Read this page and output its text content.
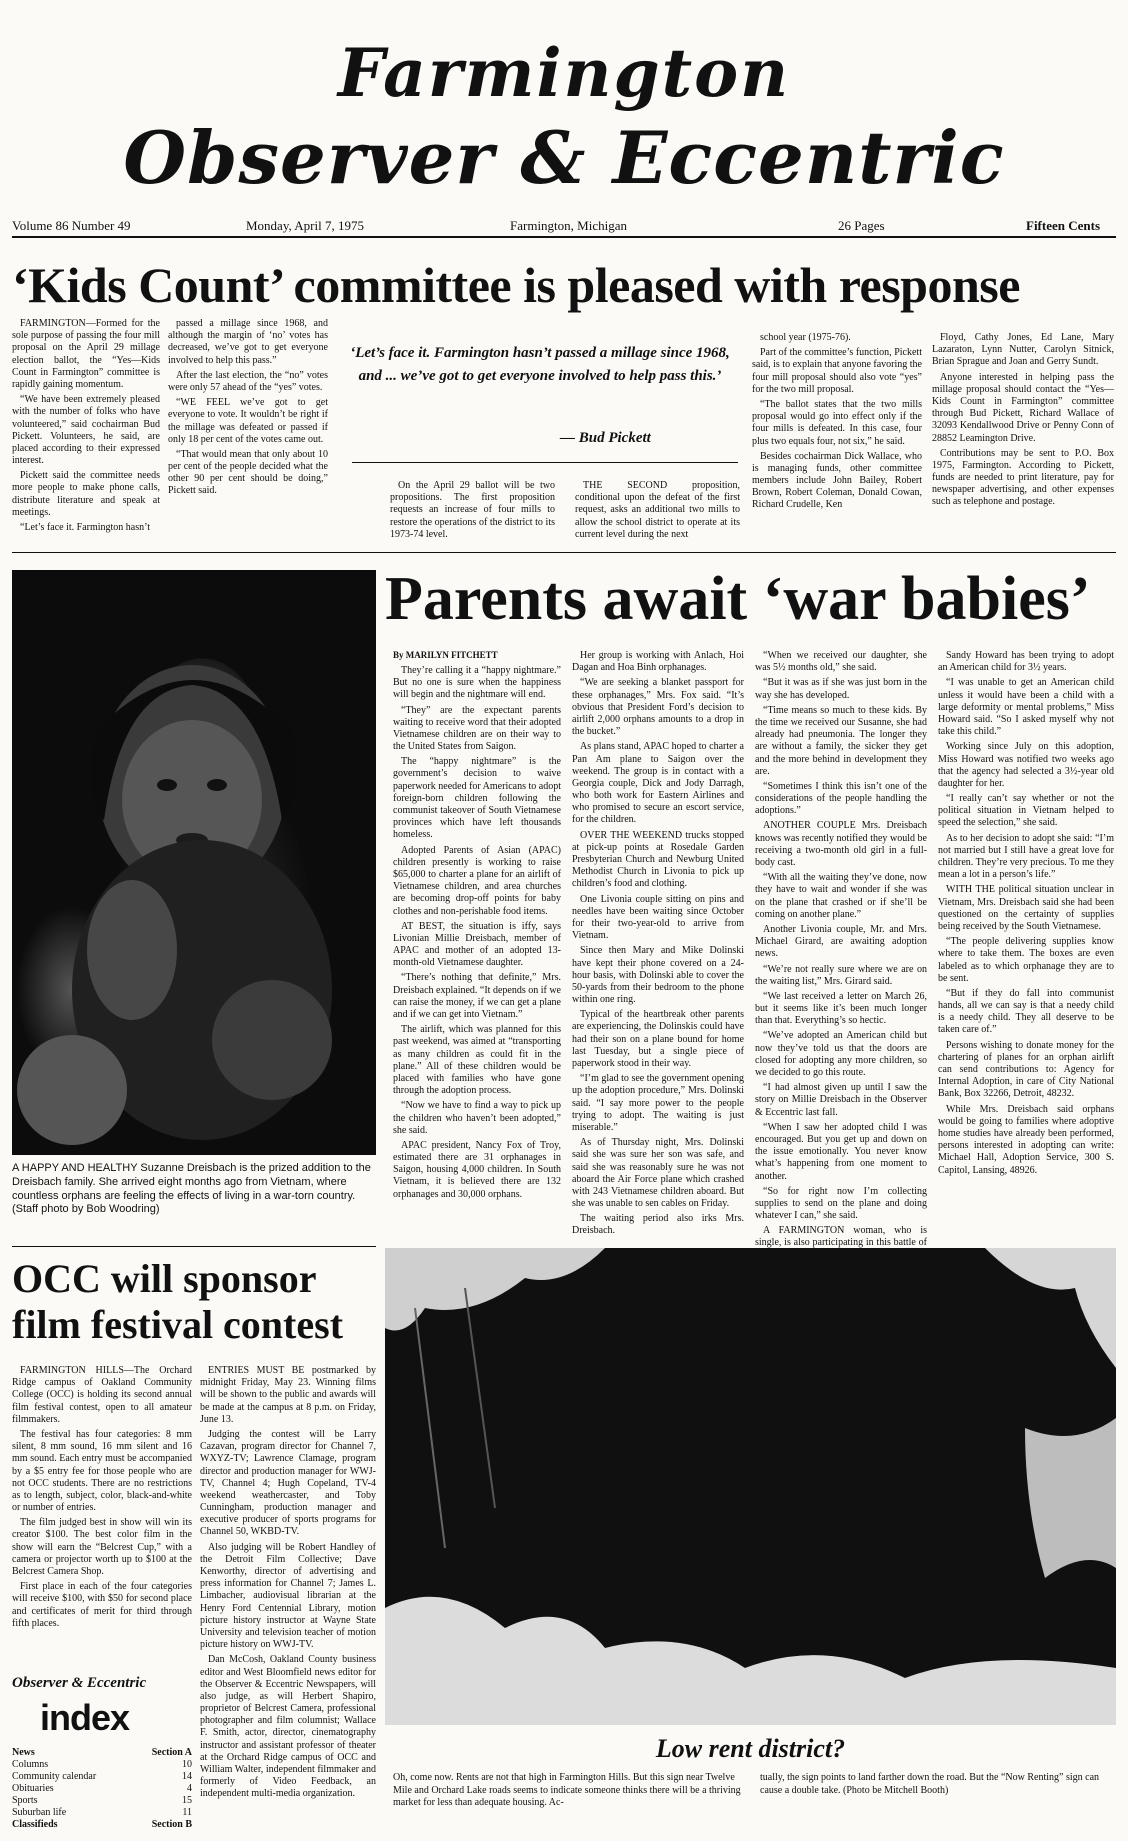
Farmington
Observer & Eccentric
Volume 86 Number 49	Monday, April 7, 1975	Farmington, Michigan	26 Pages	Fifteen Cents
‘Kids Count’ committee is pleased with response

FARMINGTON—Formed for the sole purpose of passing the four mill proposal on the April 29 millage election ballot, the “Yes—Kids Count in Farmington” committee is rapidly gaining momentum.

“We have been extremely pleased with the number of folks who have volunteered,” said cochairman Bud Pickett. Volunteers, he said, are placed according to their expressed interest.

Pickett said the committee needs more people to make phone calls, distribute literature and speak at meetings.

“Let’s face it. Farmington hasn’t

passed a millage since 1968, and although the margin of ‘no’ votes has decreased, we’ve got to get everyone involved to help this pass.”

After the last election, the “no” votes were only 57 ahead of the “yes” votes.

“WE FEEL we’ve got to get everyone to vote. It wouldn’t be right if the millage was defeated or passed if only 18 per cent of the votes came out.

“That would mean that only about 10 per cent of the people decided what the other 90 per cent should be doing,” Pickett said.

‘Let’s face it. Farmington hasn’t passed a millage since 1968, and ... we’ve got to get everyone involved to help pass this.’
— Bud Pickett

On the April 29 ballot will be two propositions. The first proposition requests an increase of four mills to restore the operations of the district to its 1973-74 level.

THE SECOND proposition, conditional upon the defeat of the first request, asks an additional two mills to allow the school district to operate at its current level during the next

school year (1975-76).

Part of the committee’s function, Pickett said, is to explain that anyone favoring the four mill proposal should also vote “yes” for the two mill proposal.

“The ballot states that the two mills proposal would go into effect only if the four mills is defeated. In this case, four plus two equals four, not six,” he said.

Besides cochairman Dick Wallace, who is managing funds, other committee members include John Bailey, Robert Brown, Robert Coleman, Donald Cowan, Richard Crudelle, Ken

Floyd, Cathy Jones, Ed Lane, Mary Lazaraton, Lynn Nutter, Carolyn Sitnick, Brian Sprague and Joan and Gerry Sundt.

Anyone interested in helping pass the millage proposal should contact the “Yes—Kids Count in Farmington” committee through Bud Pickett, Richard Wallace of 32093 Kendallwood Drive or Penny Conn of 28852 Leamington Drive.

Contributions may be sent to P.O. Box 1975, Farmington. According to Pickett, funds are needed to print literature, pay for newspaper advertising, and other expenses such as telephone and postage.

A HAPPY AND HEALTHY Suzanne Dreisbach is the prized addition to the Dreisbach family. She arrived eight months ago from Vietnam, where countless orphans are feeling the effects of living in a war-torn country. (Staff photo by Bob Woodring)
Parents await ‘war babies’

By MARILYN FITCHETT

They’re calling it a “happy nightmare.” But no one is sure when the happiness will begin and the nightmare will end.

“They” are the expectant parents waiting to receive word that their adopted Vietnamese children are on their way to the United States from Saigon.

The “happy nightmare” is the government’s decision to waive paperwork needed for Americans to adopt foreign-born children following the communist takeover of South Vietnamese provinces which have left thousands homeless.

Adopted Parents of Asian (APAC) children presently is working to raise $65,000 to charter a plane for an airlift of Vietnamese children, and area churches are becoming drop-off points for baby clothes and non-perishable food items.

AT BEST, the situation is iffy, says Livonian Millie Dreisbach, member of APAC and mother of an adopted 13-month-old Vietnamese daughter.

“There’s nothing that definite,” Mrs. Dreisbach explained. “It depends on if we can raise the money, if we can get a plane and if we can get into Vietnam.”

The airlift, which was planned for this past weekend, was aimed at “transporting as many children as could fit in the plane.” All of these children would be placed with families who have gone through the adoption process.

“Now we have to find a way to pick up the children who haven’t been adopted,” she said.

APAC president, Nancy Fox of Troy, estimated there are 31 orphanages in Saigon, housing 4,000 children. In South Vietnam, it is believed there are 132 orphanages and 30,000 orphans.

Her group is working with Anlach, Hoi Dagan and Hoa Binh orphanages.

“We are seeking a blanket passport for these orphanages,” Mrs. Fox said. “It’s obvious that President Ford’s decision to airlift 2,000 orphans amounts to a drop in the bucket.”

As plans stand, APAC hoped to charter a Pan Am plane to Saigon over the weekend. The group is in contact with a Georgia couple, Dick and Jody Darragh, who both work for Eastern Airlines and who promised to secure an escort service, for the children.

OVER THE WEEKEND trucks stopped at pick-up points at Rosedale Garden Presbyterian Church and Newburg United Methodist Church in Livonia to pick up children’s food and clothing.

One Livonia couple sitting on pins and needles have been waiting since October for their two-year-old to arrive from Vietnam.

Since then Mary and Mike Dolinski have kept their phone covered on a 24-hour basis, with Dolinski able to cover the 50-yards from their bedroom to the phone within one ring.

Typical of the heartbreak other parents are experiencing, the Dolinskis could have had their son on a plane bound for home last Tuesday, but a single piece of paperwork stood in their way.

“I’m glad to see the government opening up the adoption procedure,” Mrs. Dolinski said. “I say more power to the people trying to adopt. The waiting is just miserable.”

As of Thursday night, Mrs. Dolinski said she was sure her son was safe, and said she was reasonably sure he was not aboard the Air Force plane which crashed with 243 Vietnamese children aboard. But she was unable to sen cables on Friday.

The waiting period also irks Mrs. Dreisbach.

“When we received our daughter, she was 5½ months old,” she said.

“But it was as if she was just born in the way she has developed.

“Time means so much to these kids. By the time we received our Susanne, she had already had pneumonia. The longer they are without a family, the sicker they get and the more behind in development they are.

“Sometimes I think this isn’t one of the considerations of the people handling the adoptions.”

ANOTHER COUPLE Mrs. Dreisbach knows was recently notified they would be receiving a two-month old girl in a full-body cast.

“With all the waiting they’ve done, now they have to wait and wonder if she was on the plane that crashed or if she’ll be coming on another plane.”

Another Livonia couple, Mr. and Mrs. Michael Girard, are awaiting adoption news.

“We’re not really sure where we are on the waiting list,” Mrs. Girard said.

“We last received a letter on March 26, but it seems like it’s been much longer than that. Everything’s so hectic.

“We’ve adopted an American child but now they’ve told us that the doors are closed for adopting any more children, so we decided to go this route.

“I had almost given up until I saw the story on Millie Dreisbach in the Observer & Eccentric last fall.

“When I saw her adopted child I was encouraged. But you get up and down on the issue emotionally. You never know what’s happening from one moment to another.

“So for right now I’m collecting supplies to send on the plane and doing whatever I can,” she said.

A FARMINGTON woman, who is single, is also participating in this battle of

Sandy Howard has been trying to adopt an American child for 3½ years.

“I was unable to get an American child unless it would have been a child with a large deformity or mental problems,” Miss Howard said. “So I asked myself why not take this child.”

Working since July on this adoption, Miss Howard was notified two weeks ago that the agency had selected a 3½-year old daughter for her.

“I really can’t say whether or not the political situation in Vietnam helped to speed the selection,” she said.

As to her decision to adopt she said: “I’m not married but I still have a great love for children. They’re very precious. To me they mean a lot in a person’s life.”

WITH THE political situation unclear in Vietnam, Mrs. Dreisbach said she had been questioned on the certainty of supplies being received by the South Vietnamese.

“The people delivering supplies know where to take them. The boxes are even labeled as to which orphanage they are to be sent.

“But if they do fall into communist hands, all we can say is that a needy child is a needy child. They all deserve to be taken care of.”

Persons wishing to donate money for the chartering of planes for an orphan airlift can send contributions to: Agency for Internal Adoption, in care of City National Bank, Box 32266, Detroit, 48232.

While Mrs. Dreisbach said orphans would be going to families where adoptive home studies have already been performed, persons interested in adopting can write: Michael Hall, Adoption Service, 300 S. Capitol, Lansing, 48926.

OCC will sponsor film festival contest

FARMINGTON HILLS—The Orchard Ridge campus of Oakland Community College (OCC) is holding its second annual film festival contest, open to all amateur filmmakers.

The festival has four categories: 8 mm silent, 8 mm sound, 16 mm silent and 16 mm sound. Each entry must be accompanied by a $5 entry fee for those people who are not OCC students. There are no restrictions as to length, subject, color, black-and-white or number of entries.

The film judged best in show will win its creator $100. The best color film in the show will earn the “Belcrest Cup,” with a camera or projector worth up to $100 at the Belcrest Camera Shop.

First place in each of the four categories will receive $100, with $50 for second place and certificates of merit for third through fifth places.

ENTRIES MUST BE postmarked by midnight Friday, May 23. Winning films will be shown to the public and awards will be made at the campus at 8 p.m. on Friday, June 13.

Judging the contest will be Larry Cazavan, program director for Channel 7, WXYZ-TV; Lawrence Clamage, program director and production manager for WWJ-TV, Channel 4; Hugh Copeland, TV-4 weekend weathercaster, and Toby Cunningham, production manager and executive producer of sports programs for Channel 50, WKBD-TV.

Also judging will be Robert Handley of the Detroit Film Collective; Dave Kenworthy, director of advertising and press information for Channel 7; James L. Limbacher, audiovisual librarian at the Henry Ford Centennial Library, motion picture history instructor at Wayne State University and television teacher of motion picture history on WWJ-TV.

Dan McCosh, Oakland County business editor and West Bloomfield news editor for the Observer & Eccentric Newspapers, will also judge, as will Herbert Shapiro, proprietor of Belcrest Camera, professional photographer and film columnist; Wallace F. Smith, actor, director, cinematography instructor and assistant professor of theater at the Orchard Ridge campus of OCC and William Walter, independent filmmaker and formerly of Video Feedback, an independent multi-media organization.

Observer & Eccentric
index
News	Section A
Columns	10
Community calendar	14
Obituaries	4
Sports	15
Suburban life	11
Classifieds	Section B
Low rent district?
Oh, come now. Rents are not that high in Farmington Hills. But this sign near Twelve Mile and Orchard Lake roads seems to indicate someone thinks there will be a thriving market for less than adequate housing. Ac-
tually, the sign points to land farther down the road. But the “Now Renting” sign can cause a double take. (Photo be Mitchell Booth)
